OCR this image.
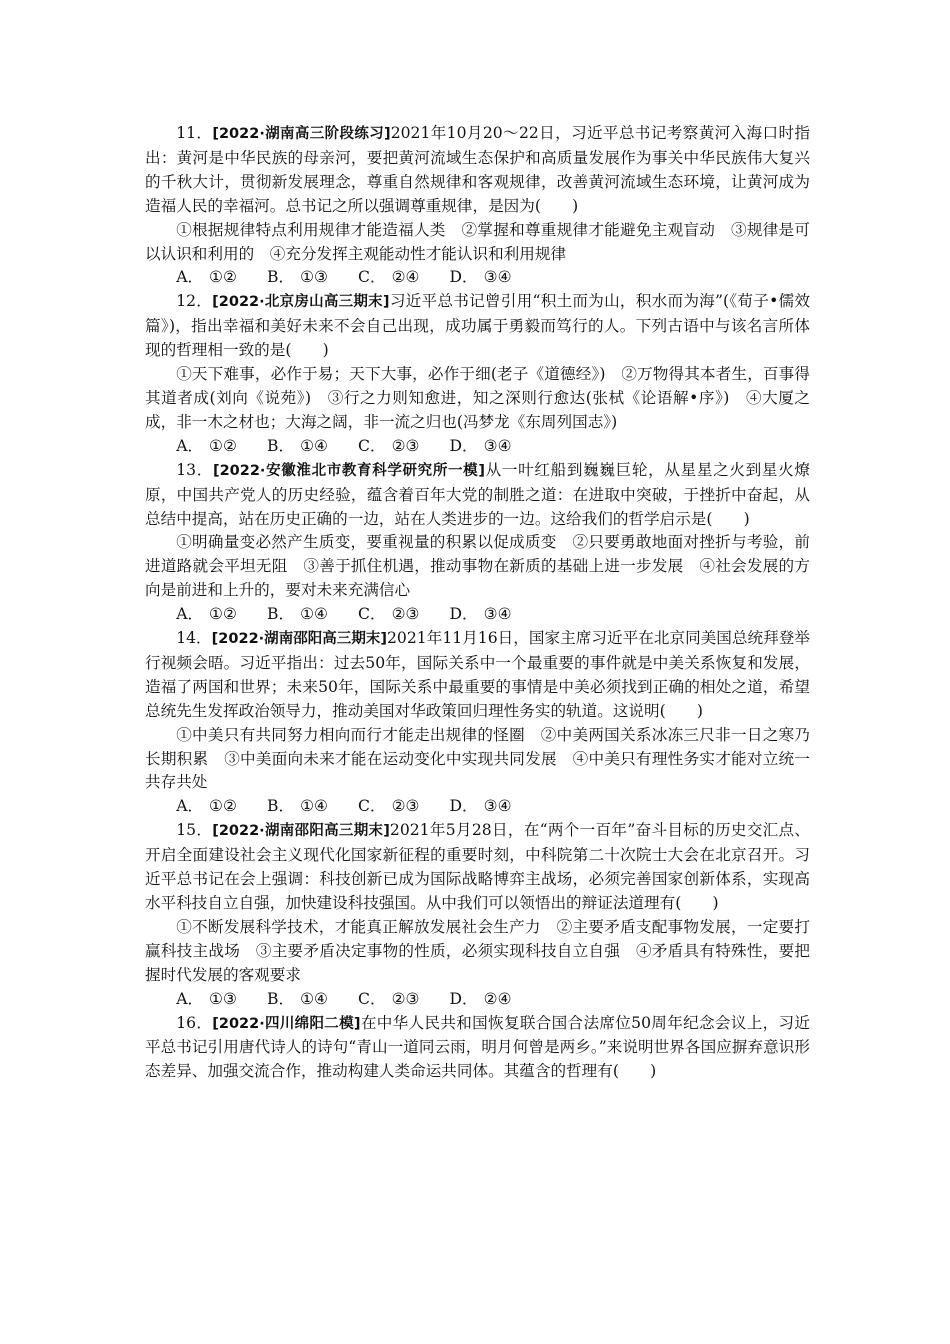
11．[2022·湖南高三阶段练习]2021年10月20～22日，习近平总书记考察黄河入海口时指出：黄河是中华民族的母亲河，要把黄河流域生态保护和高质量发展作为事关中华民族伟大复兴的千秋大计，贯彻新发展理念，尊重自然规律和客观规律，改善黄河流域生态环境，让黄河成为造福人民的幸福河。总书记之所以强调尊重规律，是因为(　　)

①根据规律特点利用规律才能造福人类　②掌握和尊重规律才能避免主观盲动　③规律是可以认识和利用的　④充分发挥主观能动性才能认识和利用规律

A． ①② B． ①③ C． ②④ D． ③④

12．[2022·北京房山高三期末]习近平总书记曾引用“积土而为山，积水而为海”(《荀子•儒效篇》)，指出幸福和美好未来不会自己出现，成功属于勇毅而笃行的人。下列古语中与该名言所体现的哲理相一致的是(　　)

①天下难事，必作于易；天下大事，必作于细(老子《道德经》)　②万物得其本者生，百事得其道者成(刘向《说苑》)　③行之力则知愈进，知之深则行愈达(张栻《论语解•序》)　④大厦之成，非一木之材也；大海之阔，非一流之归也(冯梦龙《东周列国志》)

A． ①② B． ①④ C． ②③ D． ③④

13．[2022·安徽淮北市教育科学研究所一模]从一叶红船到巍巍巨轮，从星星之火到星火燎原，中国共产党人的历史经验，蕴含着百年大党的制胜之道：在进取中突破，于挫折中奋起，从总结中提高，站在历史正确的一边，站在人类进步的一边。这给我们的哲学启示是(　　)

①明确量变必然产生质变，要重视量的积累以促成质变　②只要勇敢地面对挫折与考验，前进道路就会平坦无阻　③善于抓住机遇，推动事物在新质的基础上进一步发展　④社会发展的方向是前进和上升的，要对未来充满信心

A． ①② B． ①④ C． ②③ D． ③④

14．[2022·湖南邵阳高三期末]2021年11月16日，国家主席习近平在北京同美国总统拜登举行视频会晤。习近平指出：过去50年，国际关系中一个最重要的事件就是中美关系恢复和发展，造福了两国和世界；未来50年，国际关系中最重要的事情是中美必须找到正确的相处之道，希望总统先生发挥政治领导力，推动美国对华政策回归理性务实的轨道。这说明(　　)

①中美只有共同努力相向而行才能走出规律的怪圈　②中美两国关系冰冻三尺非一日之寒乃长期积累　③中美面向未来才能在运动变化中实现共同发展　④中美只有理性务实才能对立统一共存共处

A． ①② B． ①④ C． ②③ D． ③④

15．[2022·湖南邵阳高三期末]2021年5月28日，在“两个一百年”奋斗目标的历史交汇点、开启全面建设社会主义现代化国家新征程的重要时刻，中科院第二十次院士大会在北京召开。习近平总书记在会上强调：科技创新已成为国际战略博弈主战场，必须完善国家创新体系，实现高水平科技自立自强，加快建设科技强国。从中我们可以领悟出的辩证法道理有(　　)

①不断发展科学技术，才能真正解放发展社会生产力　②主要矛盾支配事物发展，一定要打赢科技主战场　③主要矛盾决定事物的性质，必须实现科技自立自强　④矛盾具有特殊性，要把握时代发展的客观要求

A． ①③ B． ①④ C． ②③ D． ②④

16．[2022·四川绵阳二模]在中华人民共和国恢复联合国合法席位50周年纪念会议上，习近平总书记引用唐代诗人的诗句“青山一道同云雨，明月何曾是两乡。”来说明世界各国应摒弃意识形态差异、加强交流合作，推动构建人类命运共同体。其蕴含的哲理有(　　)
